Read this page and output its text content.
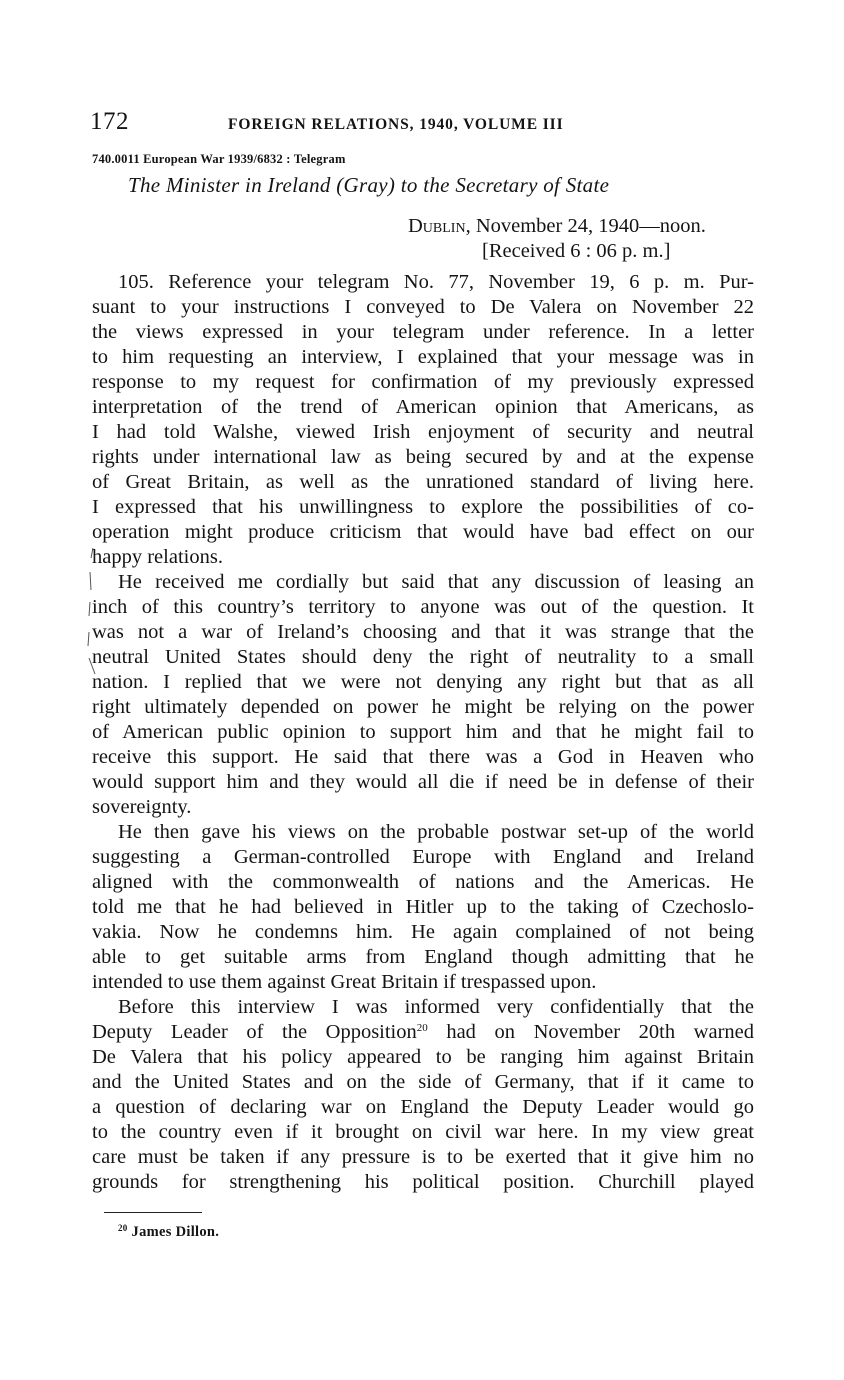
172	FOREIGN RELATIONS, 1940, VOLUME III
740.0011 European War 1939/6832 : Telegram
The Minister in Ireland (Gray) to the Secretary of State
Dublin, November 24, 1940—noon.
[Received 6 : 06 p. m.]
105. Reference your telegram No. 77, November 19, 6 p. m. Pur-
suant to your instructions I conveyed to De Valera on November 22
the views expressed in your telegram under reference. In a letter
to him requesting an interview, I explained that your message was in
response to my request for confirmation of my previously expressed
interpretation of the trend of American opinion that Americans, as
I had told Walshe, viewed Irish enjoyment of security and neutral
rights under international law as being secured by and at the expense
of Great Britain, as well as the unrationed standard of living here.
I expressed that his unwillingness to explore the possibilities of co-
operation might produce criticism that would have bad effect on our
happy relations.
He received me cordially but said that any discussion of leasing an
inch of this country’s territory to anyone was out of the question. It
was not a war of Ireland’s choosing and that it was strange that the
neutral United States should deny the right of neutrality to a small
nation. I replied that we were not denying any right but that as all
right ultimately depended on power he might be relying on the power
of American public opinion to support him and that he might fail to
receive this support. He said that there was a God in Heaven who
would support him and they would all die if need be in defense of their
sovereignty.
He then gave his views on the probable postwar set-up of the world
suggesting a German-controlled Europe with England and Ireland
aligned with the commonwealth of nations and the Americas. He
told me that he had believed in Hitler up to the taking of Czechoslo-
vakia. Now he condemns him. He again complained of not being
able to get suitable arms from England though admitting that he
intended to use them against Great Britain if trespassed upon.
Before this interview I was informed very confidentially that the
Deputy Leader of the Opposition$^{20}$ had on November 20th warned
De Valera that his policy appeared to be ranging him against Britain
and the United States and on the side of Germany, that if it came to
a question of declaring war on England the Deputy Leader would go
to the country even if it brought on civil war here. In my view great
care must be taken if any pressure is to be exerted that it give him no
grounds for strengthening his political position. Churchill played
$^{20}$ James Dillon.
